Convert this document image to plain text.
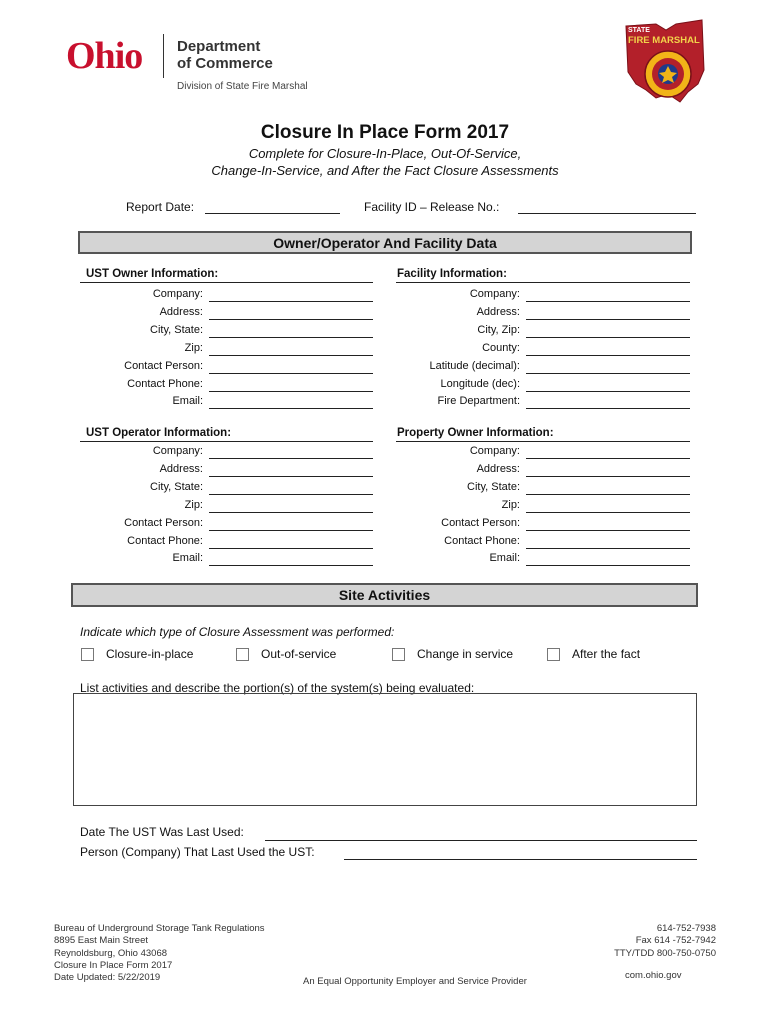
Ohio Department
of Commerce
Division of State Fire Marshal
STATE
FIRE MARSHAL
Closure In Place Form 2017
Complete for Closure-In-Place, Out-Of-Service,
Change-In-Service, and After the Fact Closure Assessments
Report Date:	Facility ID – Release No.:
Owner/Operator And Facility Data
UST Owner Information:
Company:
Address:
City, State:
Zip:
Contact Person:
Contact Phone:
Email:
Facility Information:
Company:
Address:
City, Zip:
County:
Latitude (decimal):
Longitude (dec):
Fire Department:
UST Operator Information:
Company:
Address:
City, State:
Zip:
Contact Person:
Contact Phone:
Email:
Property Owner Information:
Company:
Address:
City, State:
Zip:
Contact Person:
Contact Phone:
Email:
Site Activities
Indicate which type of Closure Assessment was performed:
Closure-in-place	Out-of-service	Change in service	After the fact
List activities and describe the portion(s) of the system(s) being evaluated:
Date The UST Was Last Used:
Person (Company) That Last Used the UST:
Bureau of Underground Storage Tank Regulations
8895 East Main Street
Reynoldsburg, Ohio 43068
Closure In Place Form 2017
Date Updated: 5/22/2019	An Equal Opportunity Employer and Service Provider
614-752-7938
Fax 614 -752-7942
TTY/TDD 800-750-0750
com.ohio.gov
